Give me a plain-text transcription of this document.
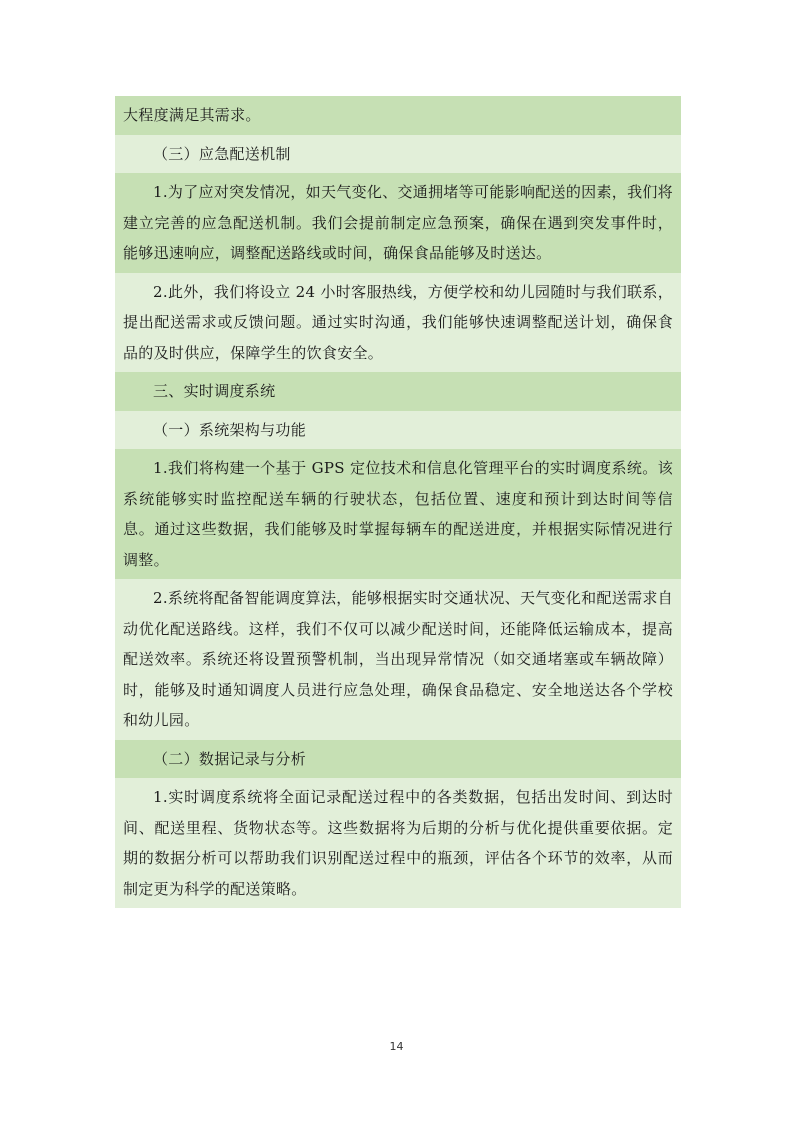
大程度满足其需求。
（三）应急配送机制
1.为了应对突发情况，如天气变化、交通拥堵等可能影响配送的因素，我们将建立完善的应急配送机制。我们会提前制定应急预案，确保在遇到突发事件时，能够迅速响应，调整配送路线或时间，确保食品能够及时送达。
2.此外，我们将设立 24 小时客服热线，方便学校和幼儿园随时与我们联系，提出配送需求或反馈问题。通过实时沟通，我们能够快速调整配送计划，确保食品的及时供应，保障学生的饮食安全。
三、实时调度系统
（一）系统架构与功能
1.我们将构建一个基于 GPS 定位技术和信息化管理平台的实时调度系统。该系统能够实时监控配送车辆的行驶状态，包括位置、速度和预计到达时间等信息。通过这些数据，我们能够及时掌握每辆车的配送进度，并根据实际情况进行调整。
2.系统将配备智能调度算法，能够根据实时交通状况、天气变化和配送需求自动优化配送路线。这样，我们不仅可以减少配送时间，还能降低运输成本，提高配送效率。系统还将设置预警机制，当出现异常情况（如交通堵塞或车辆故障）时，能够及时通知调度人员进行应急处理，确保食品稳定、安全地送达各个学校和幼儿园。
（二）数据记录与分析
1.实时调度系统将全面记录配送过程中的各类数据，包括出发时间、到达时间、配送里程、货物状态等。这些数据将为后期的分析与优化提供重要依据。定期的数据分析可以帮助我们识别配送过程中的瓶颈，评估各个环节的效率，从而制定更为科学的配送策略。
14
